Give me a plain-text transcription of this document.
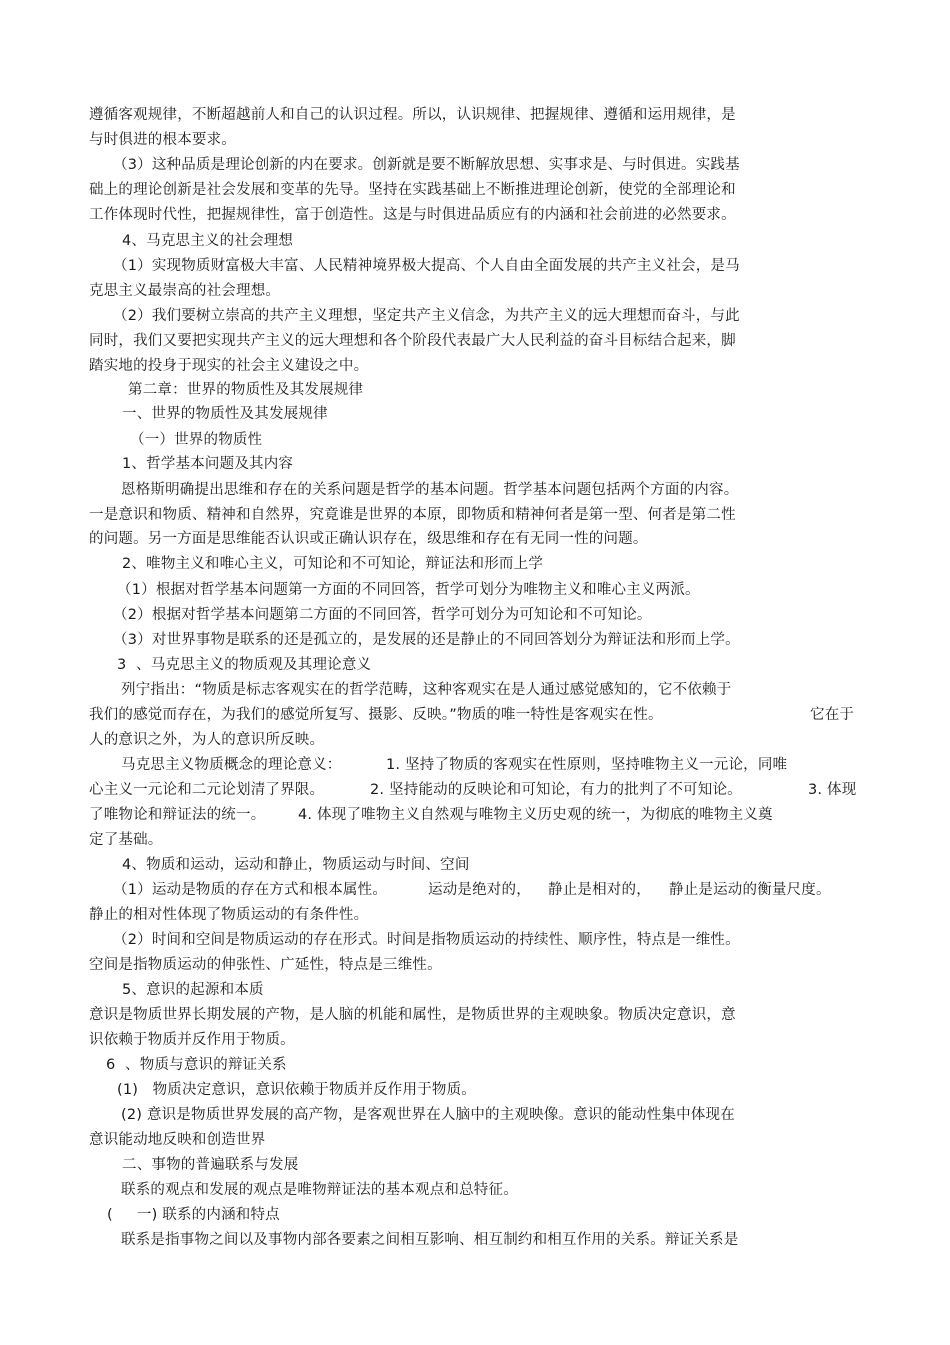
遵循客观规律，不断超越前人和自己的认识过程。所以，认识规律、把握规律、遵循和运用规律，是
与时俱进的根本要求。
（3）这种品质是理论创新的内在要求。创新就是要不断解放思想、实事求是、与时俱进。实践基
础上的理论创新是社会发展和变革的先导。坚持在实践基础上不断推进理论创新，使党的全部理论和
工作体现时代性，把握规律性，富于创造性。这是与时俱进品质应有的内涵和社会前进的必然要求。
4、马克思主义的社会理想
（1）实现物质财富极大丰富、人民精神境界极大提高、个人自由全面发展的共产主义社会，是马
克思主义最崇高的社会理想。
（2）我们要树立崇高的共产主义理想，坚定共产主义信念，为共产主义的远大理想而奋斗，与此
同时，我们又要把实现共产主义的远大理想和各个阶段代表最广大人民利益的奋斗目标结合起来，脚
踏实地的投身于现实的社会主义建设之中。
第二章：世界的物质性及其发展规律
一、世界的物质性及其发展规律
（一）世界的物质性
1、哲学基本问题及其内容
恩格斯明确提出思维和存在的关系问题是哲学的基本问题。哲学基本问题包括两个方面的内容。
一是意识和物质、精神和自然界，究竟谁是世界的本原，即物质和精神何者是第一型、何者是第二性
的问题。另一方面是思维能否认识或正确认识存在，级思维和存在有无同一性的问题。
2、唯物主义和唯心主义，可知论和不可知论，辩证法和形而上学
（1）根据对哲学基本问题第一方面的不同回答，哲学可划分为唯物主义和唯心主义两派。
（2）根据对哲学基本问题第二方面的不同回答，哲学可划分为可知论和不可知论。
（3）对世界事物是联系的还是孤立的，是发展的还是静止的不同回答划分为辩证法和形而上学。
3  、马克思主义的物质观及其理论意义
列宁指出：“物质是标志客观实在的哲学范畴，这种客观实在是人通过感觉感知的，它不依赖于
我们的感觉而存在，为我们的感觉所复写、摄影、反映。”物质的唯一特性是客观实在性。	它在于
人的意识之外，为人的意识所反映。
马克思主义物质概念的理论意义：	1. 坚持了物质的客观实在性原则，坚持唯物主义一元论，同唯
心主义一元论和二元论划清了界限。	2. 坚持能动的反映论和可知论，有力的批判了不可知论。	3. 体现
了唯物论和辩证法的统一。 4. 体现了唯物主义自然观与唯物主义历史观的统一，为彻底的唯物主义奠
定了基础。
4、物质和运动，运动和静止，物质运动与时间、空间
（1）运动是物质的存在方式和根本属性。	运动是绝对的， 静止是相对的， 静止是运动的衡量尺度。
静止的相对性体现了物质运动的有条件性。
（2）时间和空间是物质运动的存在形式。时间是指物质运动的持续性、顺序性，特点是一维性。
空间是指物质运动的伸张性、广延性，特点是三维性。
5、意识的起源和本质
意识是物质世界长期发展的产物，是人脑的机能和属性，是物质世界的主观映象。物质决定意识，意
识依赖于物质并反作用于物质。
6  、物质与意识的辩证关系
(1)   物质决定意识，意识依赖于物质并反作用于物质。
(2) 意识是物质世界发展的高产物，是客观世界在人脑中的主观映像。意识的能动性集中体现在
意识能动地反映和创造世界
二、事物的普遍联系与发展
联系的观点和发展的观点是唯物辩证法的基本观点和总特征。
(     一) 联系的内涵和特点
联系是指事物之间以及事物内部各要素之间相互影响、相互制约和相互作用的关系。辩证关系是
